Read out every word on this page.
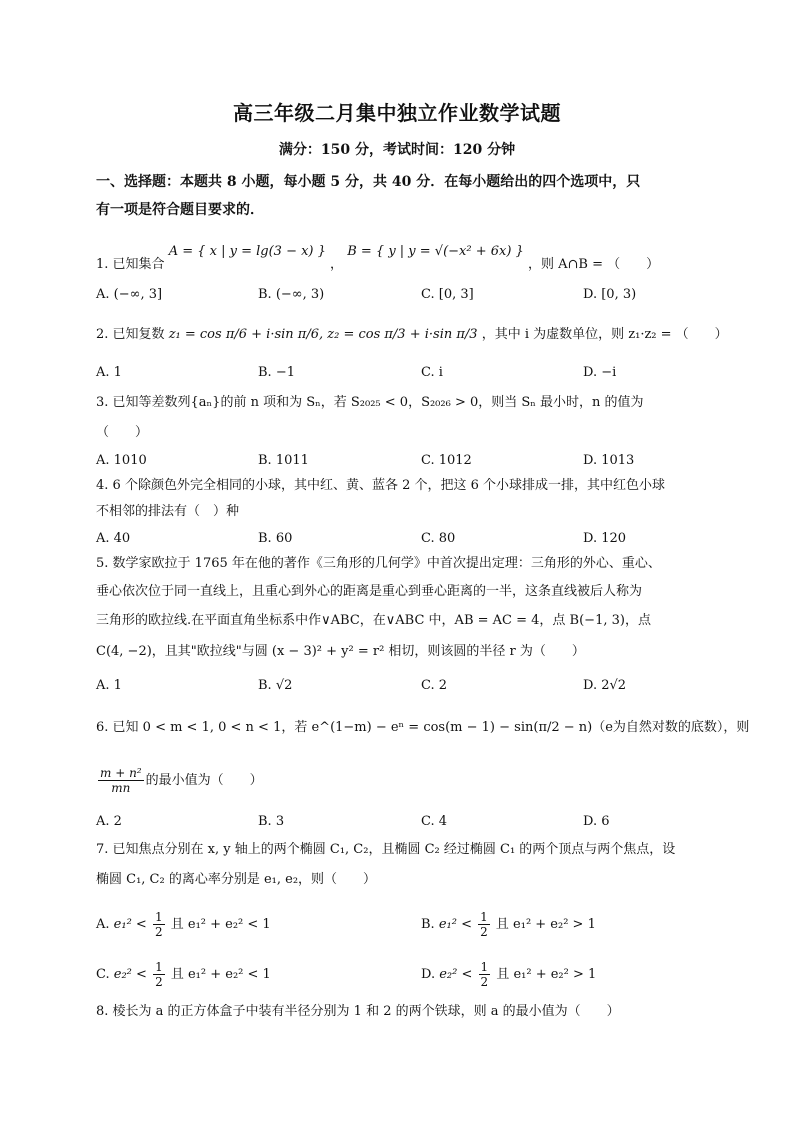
高三年级二月集中独立作业数学试题
满分：150 分，考试时间：120 分钟
一、选择题：本题共 8 小题，每小题 5 分，共 40 分．在每小题给出的四个选项中，只
有一项是符合题目要求的．
1. 已知集合 A = { x | y = lg(3 − x) } ， B = { y | y = √(−x² + 6x) } ，则 A∩B = （　　）
A. (−∞, 3]	B. (−∞, 3)	C. [0, 3]	D. [0, 3)
2. 已知复数 z₁ = cos π/6 + i·sin π/6, z₂ = cos π/3 + i·sin π/3 ，其中 i 为虚数单位，则 z₁·z₂ = （　　）
A. 1	B. −1	C. i	D. −i
3. 已知等差数列{aₙ}的前 n 项和为 Sₙ，若 S₂₀₂₅ < 0，S₂₀₂₆ > 0，则当 Sₙ 最小时，n 的值为
（　　）
A. 1010	B. 1011	C. 1012	D. 1013
4. 6 个除颜色外完全相同的小球，其中红、黄、蓝各 2 个，把这 6 个小球排成一排，其中红色小球
不相邻的排法有（　）种
A. 40	B. 60	C. 80	D. 120
5. 数学家欧拉于 1765 年在他的著作《三角形的几何学》中首次提出定理：三角形的外心、重心、
垂心依次位于同一直线上，且重心到外心的距离是重心到垂心距离的一半，这条直线被后人称为
三角形的欧拉线.在平面直角坐标系中作∨ABC，在∨ABC 中，AB = AC = 4，点 B(−1, 3)，点
C(4, −2)，且其"欧拉线"与圆 (x − 3)² + y² = r² 相切，则该圆的半径 r 为（　　）
A. 1	B. √2	C. 2	D. 2√2
6. 已知 0 < m < 1, 0 < n < 1，若 e^(1−m) − eⁿ = cos(m − 1) − sin(π/2 − n)（e为自然对数的底数），则
$\frac{\text{m + n²}}{mn}$ 的最小值为（　　）
A. 2	B. 3	C. 4	D. 6
7. 已知焦点分别在 x, y 轴上的两个椭圆 C₁, C₂，且椭圆 C₂ 经过椭圆 C₁ 的两个顶点与两个焦点，设
椭圆 C₁, C₂ 的离心率分别是 e₁, e₂，则（　　）
A. $e_1^2 < \frac{1}{2}$ 且 e₁² + e₂² < 1	B. $e_1^2 < \frac{1}{2}$ 且 e₁² + e₂² > 1
C. $e_2^2 < \frac{1}{2}$ 且 e₁² + e₂² < 1	D. $e_2^2 < \frac{1}{2}$ 且 e₁² + e₂² > 1
8. 棱长为 a 的正方体盒子中装有半径分别为 1 和 2 的两个铁球，则 a 的最小值为（　　）
